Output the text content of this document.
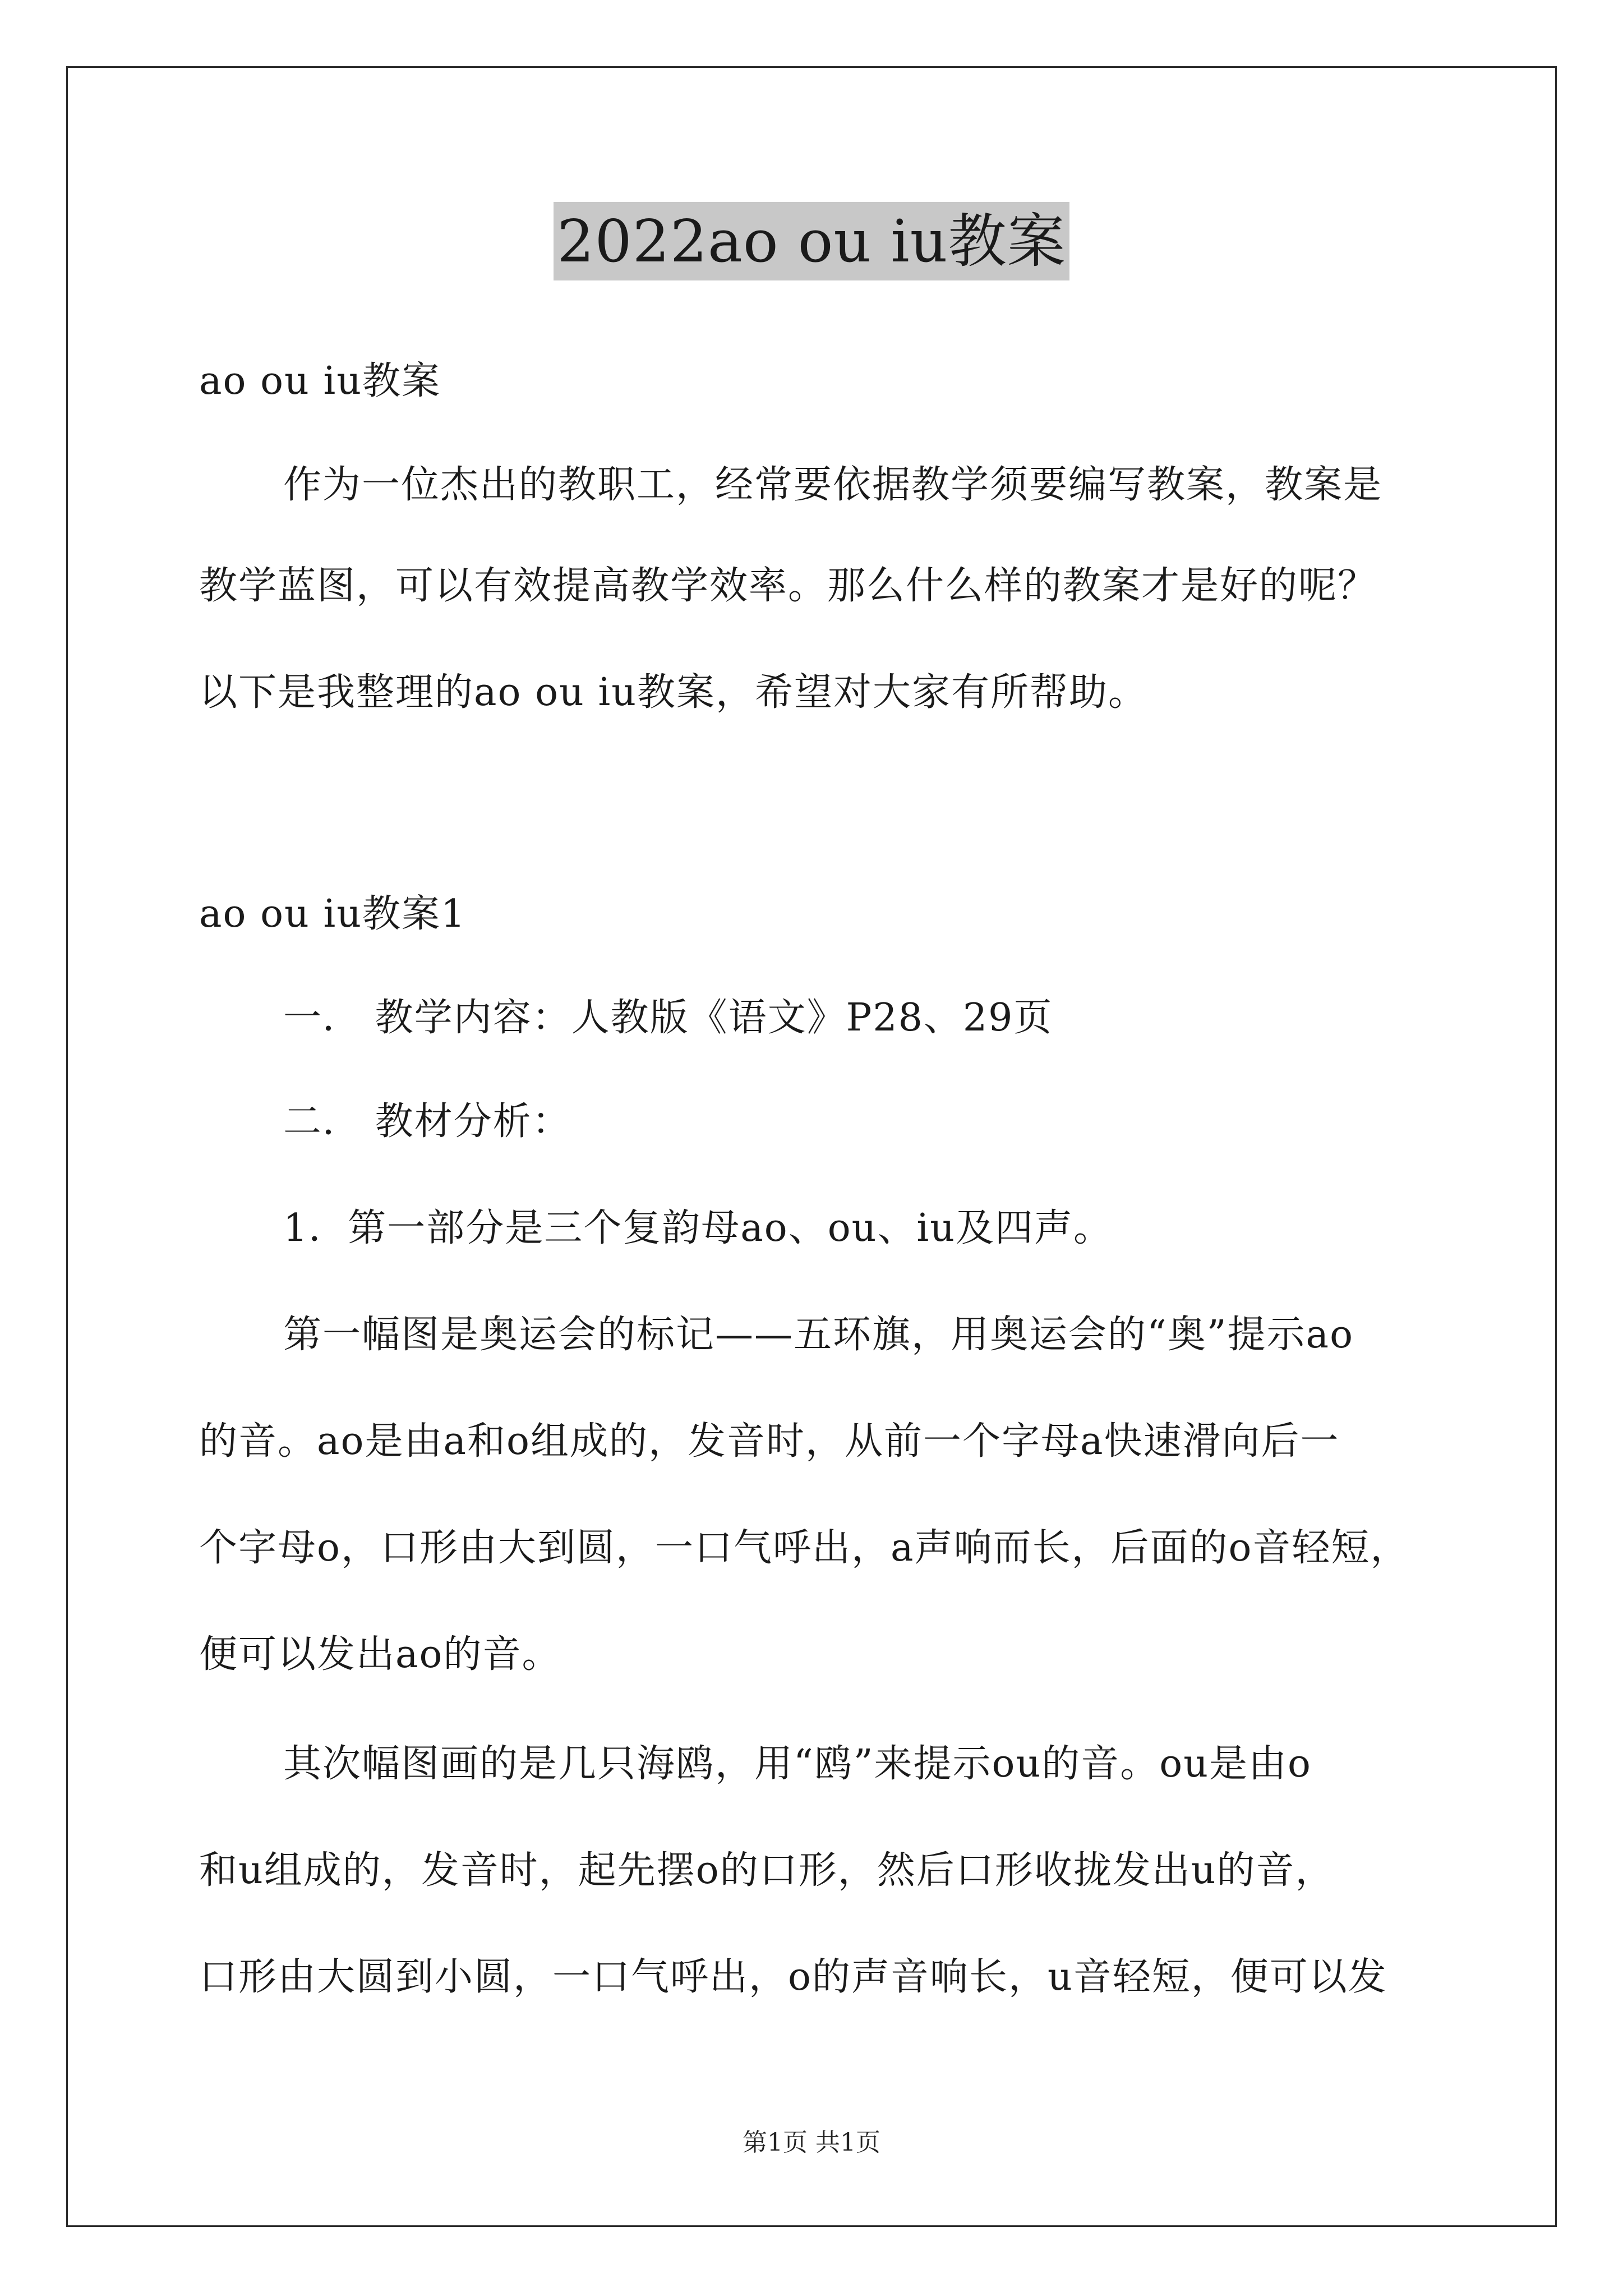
2022ao ou iu教案
ao ou iu教案
作为一位杰出的教职工，经常要依据教学须要编写教案，教案是
教学蓝图，可以有效提高教学效率。那么什么样的教案才是好的呢？
以下是我整理的ao ou iu教案，希望对大家有所帮助。
ao ou iu教案1
一． 教学内容：人教版《语文》P28、29页
二． 教材分析：
1．第一部分是三个复韵母ao、ou、iu及四声。
第一幅图是奥运会的标记——五环旗，用奥运会的“奥”提示ao
的音。ao是由a和o组成的，发音时，从前一个字母a快速滑向后一
个字母o，口形由大到圆，一口气呼出，a声响而长，后面的o音轻短，
便可以发出ao的音。
其次幅图画的是几只海鸥，用“鸥”来提示ou的音。ou是由o
和u组成的，发音时，起先摆o的口形，然后口形收拢发出u的音，
口形由大圆到小圆，一口气呼出，o的声音响长，u音轻短，便可以发
第1页 共1页
